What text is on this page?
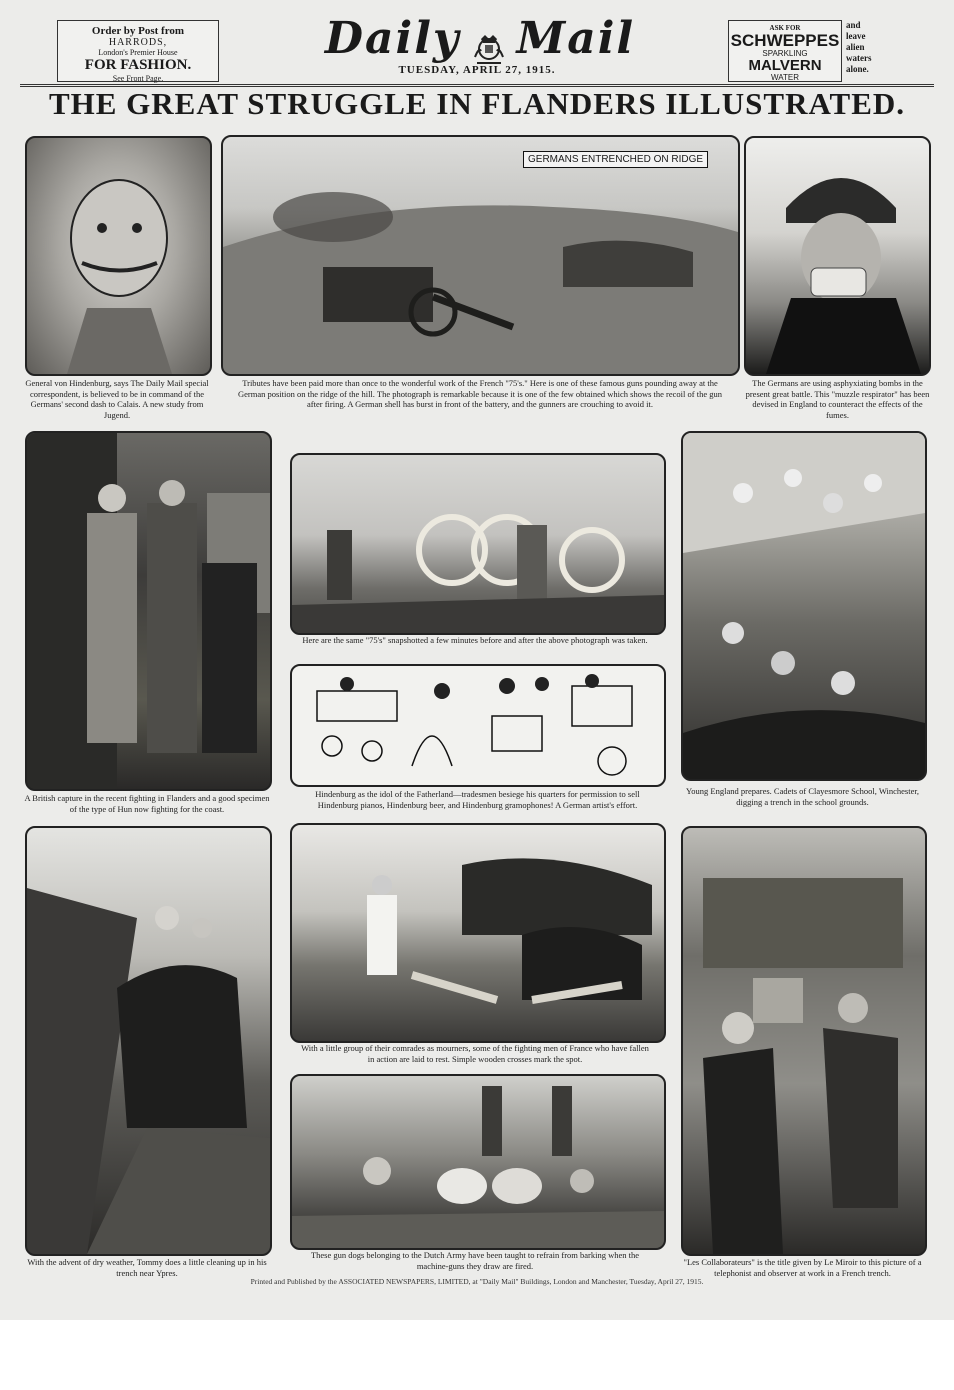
Order by Post from
HARRODS,
London's Premier House
FOR FASHION.
See Front Page.
Daily Mail	ASK FOR
SCHWEPPES
SPARKLING
MALVERN
WATER
and
leave
alien
waters
alone.
TUESDAY, APRIL 27, 1915.
THE GREAT STRUGGLE IN FLANDERS ILLUSTRATED.
General von Hindenburg, says The Daily Mail special correspondent, is believed to be in command of the Germans' second dash to Calais. A new study from Jugend.
GERMANS ENTRENCHED ON RIDGE
Tributes have been paid more than once to the wonderful work of the French "75's." Here is one of these famous guns pounding away at the German position on the ridge of the hill. The photograph is remarkable because it is one of the few obtained which shows the recoil of the gun after firing. A German shell has burst in front of the battery, and the gunners are crouching to avoid it.
The Germans are using asphyxiating bombs in the present great battle. This "muzzle respirator" has been devised in England to counteract the effects of the fumes.
A British capture in the recent fighting in Flanders and a good specimen of the type of Hun now fighting for the coast.
Here are the same "75's" snapshotted a few minutes before and after the above photograph was taken.
Hindenburg as the idol of the Fatherland—tradesmen besiege his quarters for permission to sell Hindenburg pianos, Hindenburg beer, and Hindenburg gramophones! A German artist's effort.
Young England prepares. Cadets of Clayesmore School, Winchester, digging a trench in the school grounds.
With the advent of dry weather, Tommy does a little cleaning up in his trench near Ypres.
With a little group of their comrades as mourners, some of the fighting men of France who have fallen in action are laid to rest. Simple wooden crosses mark the spot.
These gun dogs belonging to the Dutch Army have been taught to refrain from barking when the machine-guns they draw are fired.	"Les Collaborateurs" is the title given by Le Miroir to this picture of a telephonist and observer at work in a French trench.
Printed and Published by the ASSOCIATED NEWSPAPERS, LIMITED, at "Daily Mail" Buildings, London and Manchester, Tuesday, April 27, 1915.
